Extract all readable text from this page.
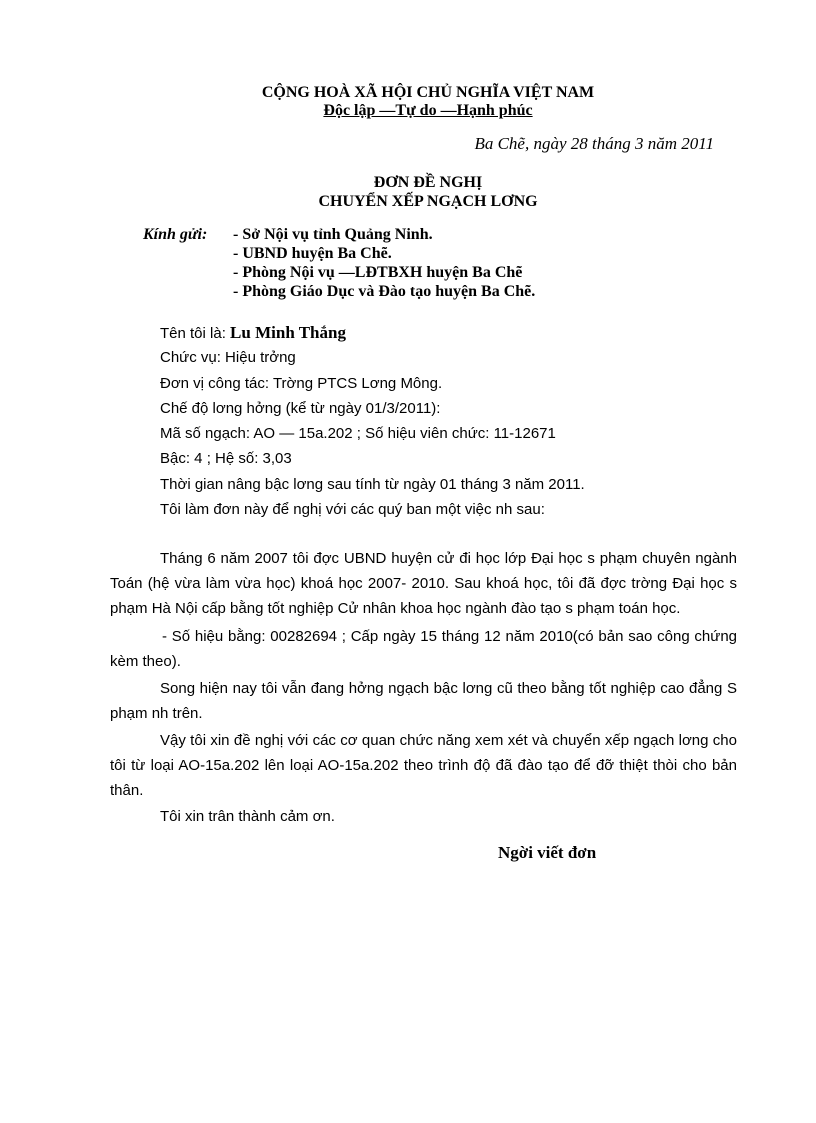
CỘNG HOÀ XÃ HỘI CHỦ NGHĨA VIỆT NAM
Độc lập —Tự do —Hạnh phúc
Ba Chẽ, ngày 28 tháng 3 năm 2011
ĐƠN ĐỀ NGHỊ
CHUYỂN XẾP NGẠCH LƠNG
Kính gửi: - Sở Nội vụ tỉnh Quảng Ninh.
- UBND huyện Ba Chẽ.
- Phòng Nội vụ —LĐTBXH huyện Ba Chẽ
- Phòng Giáo Dục và Đào tạo huyện Ba Chẽ.
Tên tôi là: Lu Minh Thắng
Chức vụ: Hiệu trởng
Đơn vị công tác: Trờng PTCS Lơng Mông.
Chế độ lơng hởng (kể từ ngày 01/3/2011):
Mã số ngạch: AO — 15a.202 ; Số hiệu viên chức: 11-12671
Bậc: 4 ; Hệ số: 3,03
Thời gian nâng bậc lơng sau tính từ ngày 01 tháng 3 năm 2011.
Tôi làm đơn này để nghị với các quý ban một việc nh sau:
Tháng 6 năm 2007 tôi đợc UBND huyện cử đi học lớp Đại học s phạm chuyên ngành Toán (hệ vừa làm vừa học) khoá học 2007- 2010. Sau khoá học, tôi đã đợc trờng Đại học s phạm Hà Nội cấp bằng tốt nghiệp Cử nhân khoa học ngành đào tạo s phạm toán học.
- Số hiệu bằng: 00282694 ; Cấp ngày 15 tháng 12 năm 2010(có bản sao công chứng kèm theo).
Song hiện nay tôi vẫn đang hởng ngạch bậc lơng cũ theo bằng tốt nghiệp cao đẳng S phạm nh trên.
Vậy tôi xin đề nghị với các cơ quan chức năng xem xét và chuyển xếp ngạch lơng cho tôi từ loại AO-15a.202 lên loại AO-15a.202 theo trình độ đã đào tạo để đỡ thiệt thòi cho bản thân.
Tôi xin trân thành cảm ơn.
Ngời viết đơn
